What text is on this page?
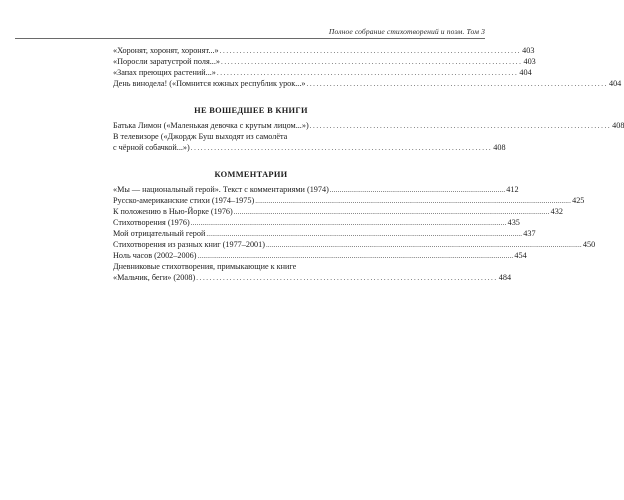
Полное собрание стихотворений и поэм. Том 3
«Хоронят, хоронят, хоронят...» .......................................................................................... 403
«Поросли заратустрой поля...» .......................................................................................... 403
«Запах преющих растений...» .......................................................................................... 404
День винодела! («Помнится южных республик урок...» .......................................................................................... 404
НЕ ВОШЕДШЕЕ В КНИГИ
Батька Лимон («Маленькая девочка с крутым лицом...») .......................................................................................... 408
В телевизоре («Джордж Буш выходят из самолёта
с чёрной собачкой...») .......................................................................................... 408
КОММЕНТАРИИ
«Мы — национальный герой». Текст с комментариями (1974) .......................................................................................... 412
Русско-американские стихи (1974–1975) .................................................................................................................................................................. 425
К положению в Нью-Йорке (1976) .................................................................................................................................................................. 432
Стихотворения (1976) .................................................................................................................................................................. 435
Мой отрицательный герой .................................................................................................................................................................. 437
Стихотворения из разных книг (1977–2001) .................................................................................................................................................................. 450
Ноль часов (2002–2006) .................................................................................................................................................................. 454
Дневниковые стихотворения, примыкающие к книге
«Мальчик, беги» (2008) .......................................................................................... 484
